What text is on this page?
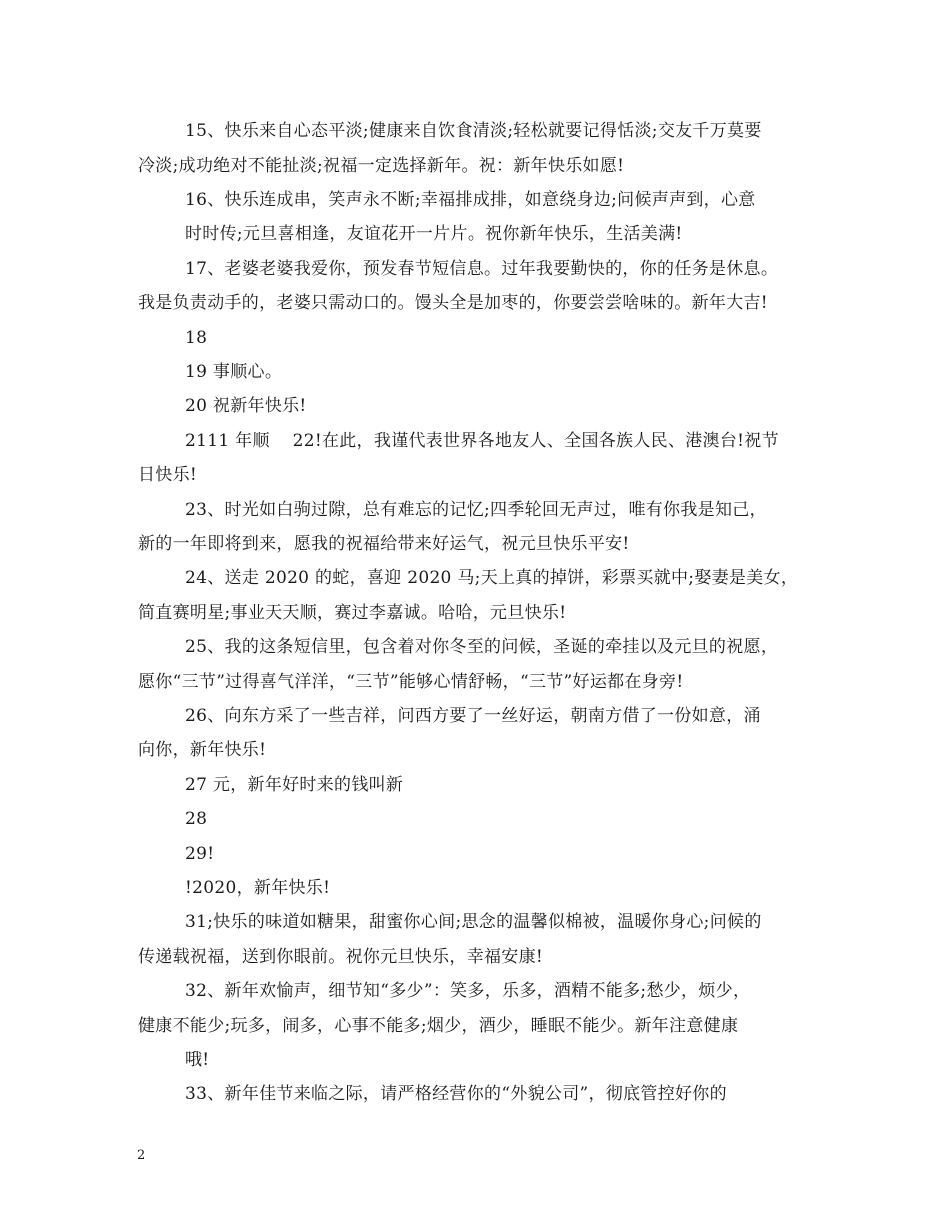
15、快乐来自心态平淡;健康来自饮食清淡;轻松就要记得恬淡;交友千万莫要
冷淡;成功绝对不能扯淡;祝福一定选择新年。祝：新年快乐如愿!
16、快乐连成串，笑声永不断;幸福排成排，如意绕身边;问候声声到，心意
时时传;元旦喜相逢，友谊花开一片片。祝你新年快乐，生活美满!
17、老婆老婆我爱你，预发春节短信息。过年我要勤快的，你的任务是休息。
我是负责动手的，老婆只需动口的。馒头全是加枣的，你要尝尝啥味的。新年大吉!
18
19 事顺心。
20 祝新年快乐!
2111 年顺    22!在此，我谨代表世界各地友人、全国各族人民、港澳台!祝节
日快乐!
23、时光如白驹过隙，总有难忘的记忆;四季轮回无声过，唯有你我是知己，
新的一年即将到来，愿我的祝福给带来好运气，祝元旦快乐平安!
24、送走 2020 的蛇，喜迎 2020 马;天上真的掉饼，彩票买就中;娶妻是美女，
简直赛明星;事业天天顺，赛过李嘉诚。哈哈，元旦快乐!
25、我的这条短信里，包含着对你冬至的问候，圣诞的牵挂以及元旦的祝愿，
愿你“三节”过得喜气洋洋，“三节”能够心情舒畅，“三节”好运都在身旁!
26、向东方采了一些吉祥，问西方要了一丝好运，朝南方借了一份如意，涌
向你，新年快乐!
27 元，新年好时来的钱叫新
28
29!
!2020，新年快乐!
31;快乐的味道如糖果，甜蜜你心间;思念的温馨似棉被，温暖你身心;问候的
传递载祝福，送到你眼前。祝你元旦快乐，幸福安康!
32、新年欢愉声，细节知“多少”：笑多，乐多，酒精不能多;愁少，烦少，
健康不能少;玩多，闹多，心事不能多;烟少，酒少，睡眠不能少。新年注意健康
哦!
33、新年佳节来临之际，请严格经营你的“外貌公司”，彻底管控好你的
2
